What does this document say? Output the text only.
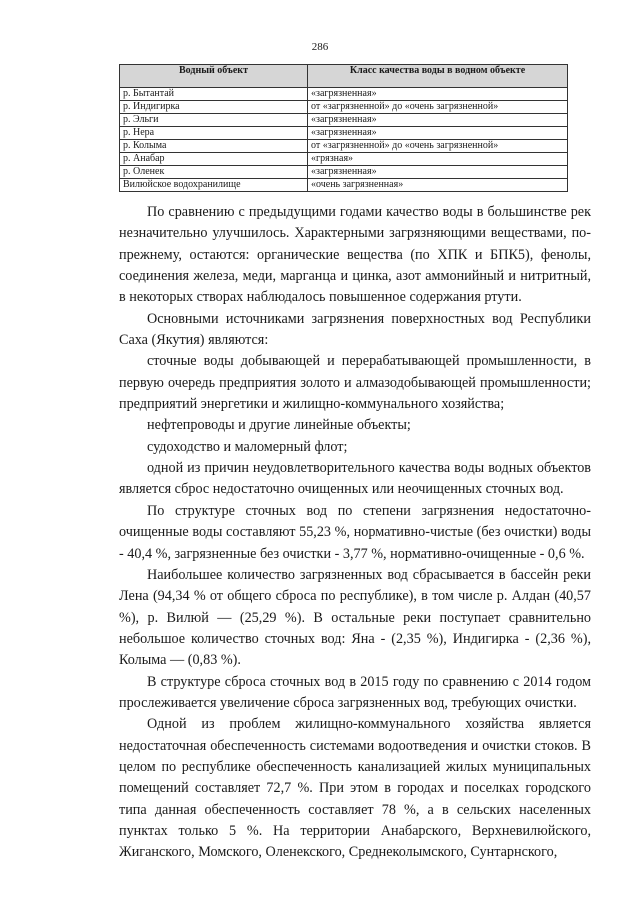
286
Водный объект	Класс качества воды в водном объекте
р. Бытантай	«загрязненная»
р. Индигирка	от «загрязненной» до «очень загрязненной»
р. Эльги	«загрязненная»
р. Нера	«загрязненная»
р. Колыма	от «загрязненной» до «очень загрязненной»
р. Анабар	«грязная»
р. Оленек	«загрязненная»
Вилюйское водохранилище	«очень загрязненная»

По сравнению с предыдущими годами качество воды в большинстве рек незначительно улучшилось. Характерными загрязняющими веществами, по-прежнему, остаются: органические вещества (по ХПК и БПК5), фенолы, соединения железа, меди, марганца и цинка, азот аммонийный и нитритный, в некоторых створах наблюдалось повышенное содержания ртути.

Основными источниками загрязнения поверхностных вод Республики Саха (Якутия) являются:

сточные воды добывающей и перерабатывающей промышленности, в первую очередь предприятия золото и алмазодобывающей промышленности; предприятий энергетики и жилищно-коммунального хозяйства;

нефтепроводы и другие линейные объекты;

судоходство и маломерный флот;

одной из причин неудовлетворительного качества воды водных объектов является сброс недостаточно очищенных или неочищенных сточных вод.

По структуре сточных вод по степени загрязнения недостаточно-очищенные воды составляют 55,23 %, нормативно-чистые (без очистки) воды - 40,4 %, загрязненные без очистки - 3,77 %, нормативно-очищенные - 0,6 %.

Наибольшее количество загрязненных вод сбрасывается в бассейн реки Лена (94,34 % от общего сброса по республике), в том числе р. Алдан (40,57 %), р. Вилюй — (25,29 %). В остальные реки поступает сравнительно небольшое количество сточных вод: Яна - (2,35 %), Индигирка - (2,36 %), Колыма — (0,83 %).

В структуре сброса сточных вод в 2015 году по сравнению с 2014 годом прослеживается увеличение сброса загрязненных вод, требующих очистки.

Одной из проблем жилищно-коммунального хозяйства является недостаточная обеспеченность системами водоотведения и очистки стоков. В целом по республике обеспеченность канализацией жилых муниципальных помещений составляет 72,7 %. При этом в городах и поселках городского типа данная обеспеченность составляет 78 %, а в сельских населенных пунктах только 5 %. На территории Анабарского, Верхневилюйского, Жиганского, Момского, Оленекского, Среднеколымского, Сунтарнского,
